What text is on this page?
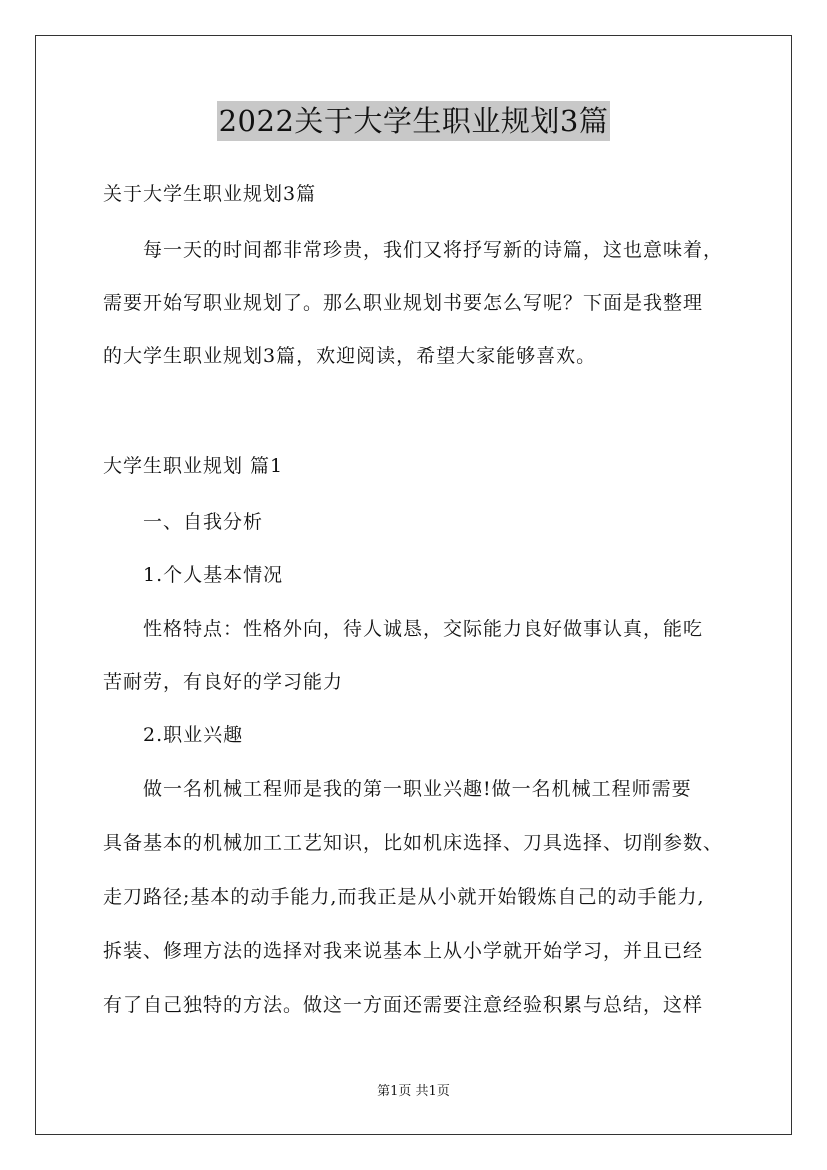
2022关于大学生职业规划3篇
关于大学生职业规划3篇
每一天的时间都非常珍贵，我们又将抒写新的诗篇，这也意味着，
需要开始写职业规划了。那么职业规划书要怎么写呢？下面是我整理
的大学生职业规划3篇，欢迎阅读，希望大家能够喜欢。
大学生职业规划 篇1
一、自我分析
1.个人基本情况
性格特点：性格外向，待人诚恳，交际能力良好做事认真，能吃
苦耐劳，有良好的学习能力
2.职业兴趣
做一名机械工程师是我的第一职业兴趣!做一名机械工程师需要
具备基本的机械加工工艺知识，比如机床选择、刀具选择、切削参数、
走刀路径;基本的动手能力,而我正是从小就开始锻炼自己的动手能力,
拆装、修理方法的选择对我来说基本上从小学就开始学习，并且已经
有了自己独特的方法。做这一方面还需要注意经验积累与总结，这样
第1页 共1页
